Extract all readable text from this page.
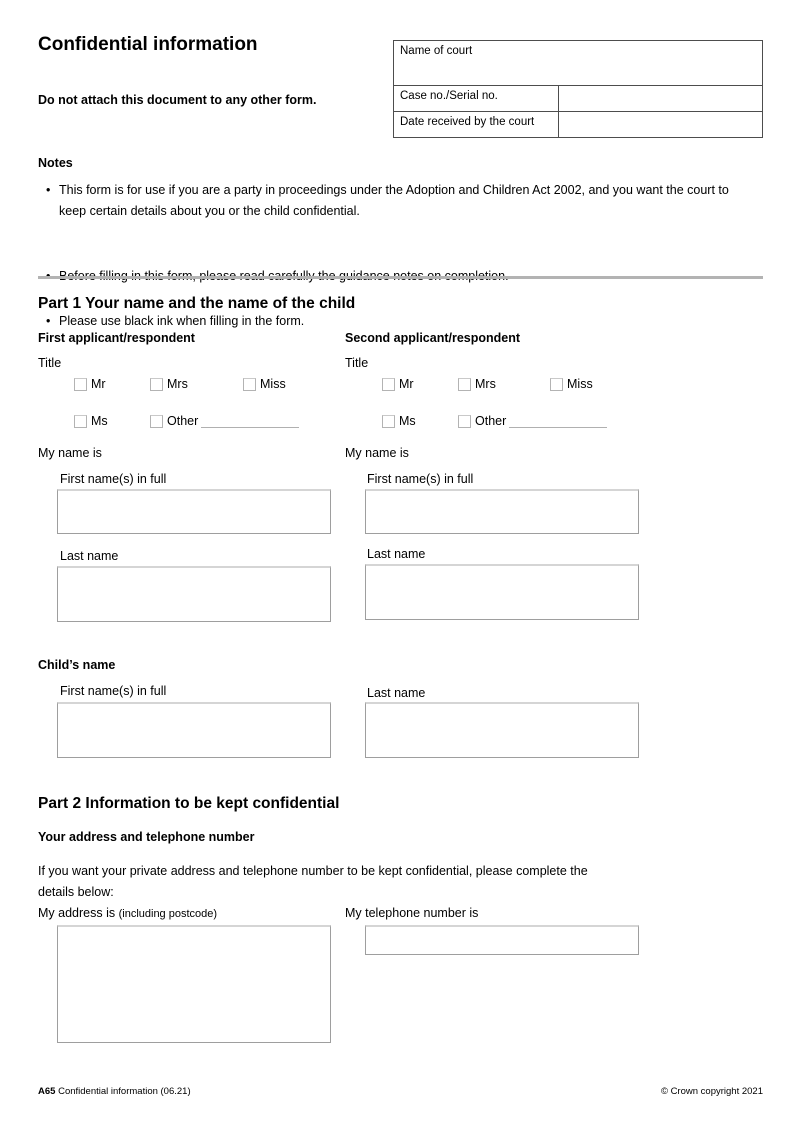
Confidential information
Do not attach this document to any other form.
Name of court
Case no./Serial no.
Date received by the court
Notes
• This form is for use if you are a party in proceedings under the Adoption and Children Act 2002, and you want the court to keep certain details about you or the child confidential.
•
• Please use black ink when filling in the form.
Part 1 Your name and the name of the child
First applicant/respondent	Second applicant/respondent
Title	Title
Mr	Mrs	Miss
Ms	Other
Mr	Mrs	Miss
Ms	Other
My name is	My name is
First name(s) in full	First name(s) in full
Last name	Last name
Child’s name
First name(s) in full	Last name
Part 2 Information to be kept confidential
Your address and telephone number
If you want your private address and telephone number to be kept confidential, please complete the details below:
My address is (including postcode)	My telephone number is
A65 Confidential information (06.21)	© Crown copyright 2021
